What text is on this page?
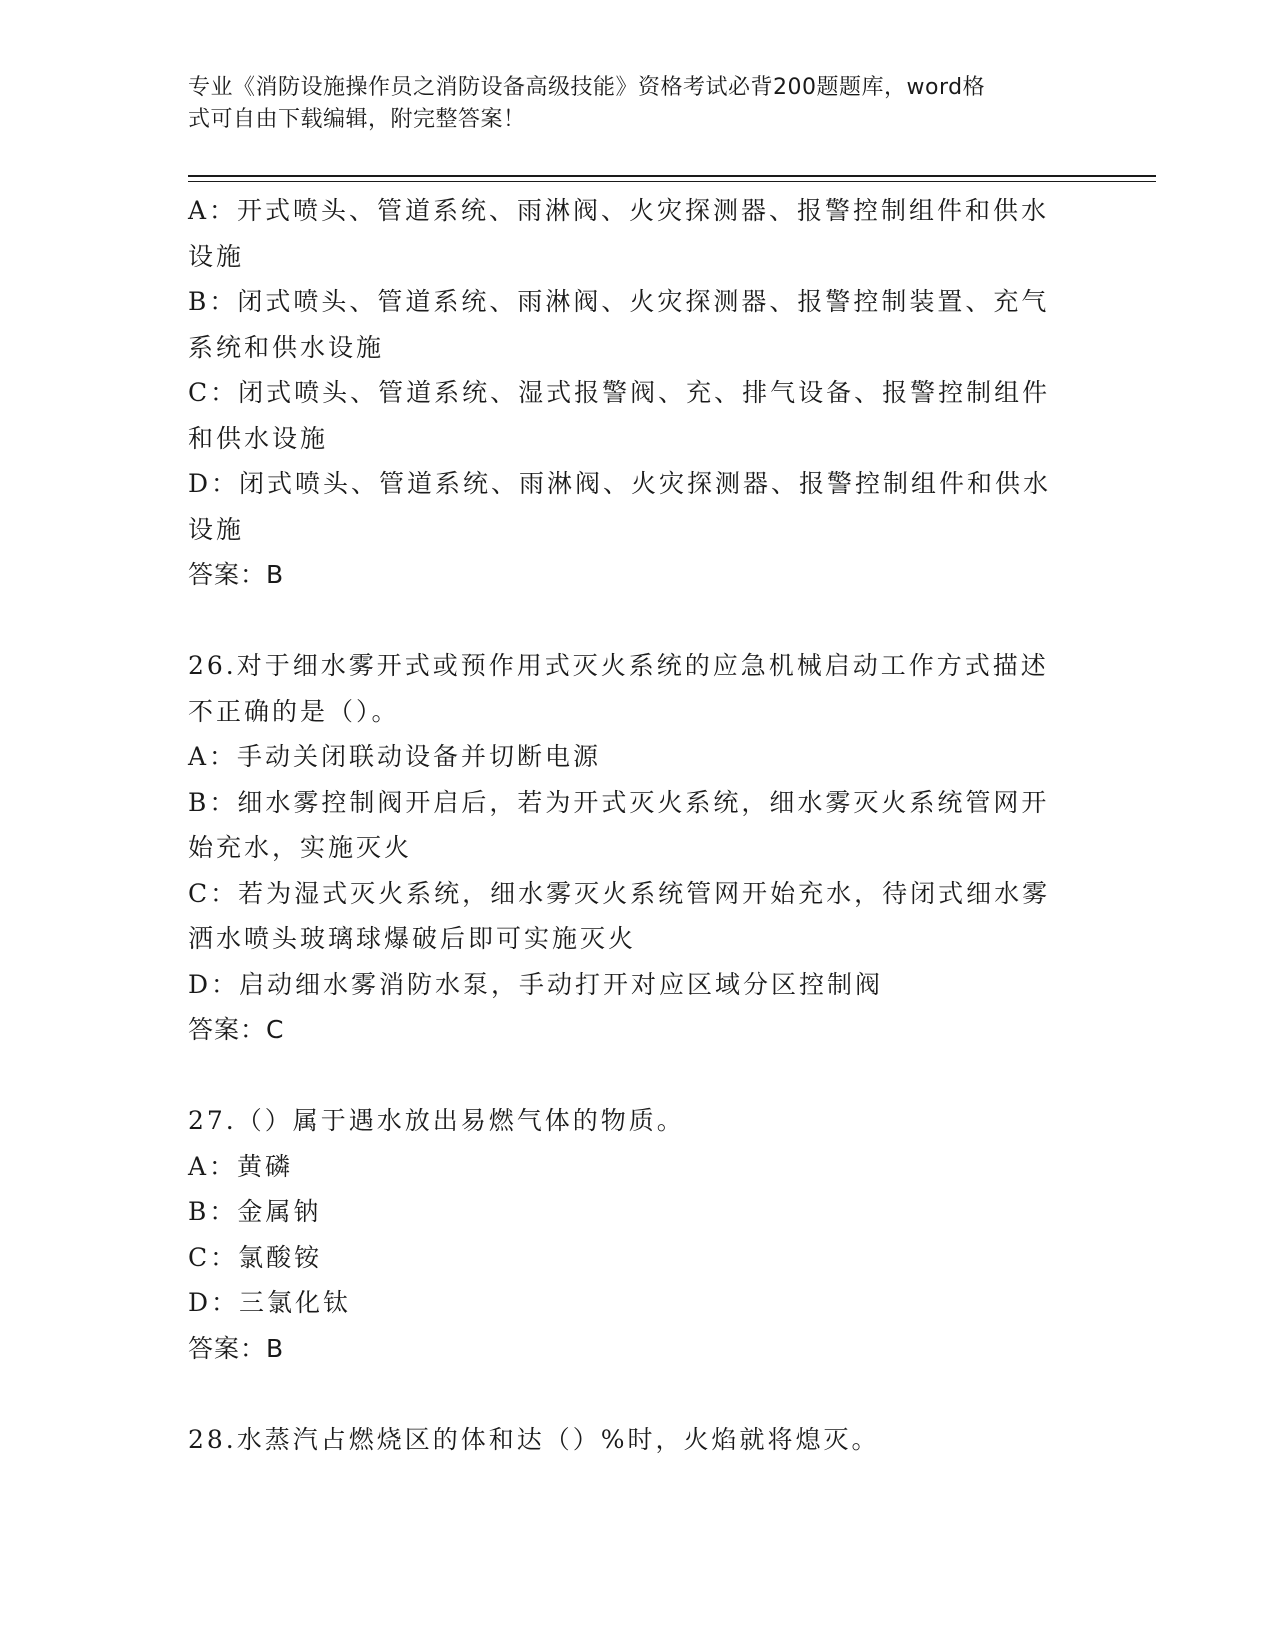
专业《消防设施操作员之消防设备高级技能》资格考试必背200题题库，word格
式可自由下载编辑，附完整答案！
A：开式喷头、管道系统、雨淋阀、火灾探测器、报警控制组件和供水
设施
B：闭式喷头、管道系统、雨淋阀、火灾探测器、报警控制装置、充气
系统和供水设施
C：闭式喷头、管道系统、湿式报警阀、充、排气设备、报警控制组件
和供水设施
D：闭式喷头、管道系统、雨淋阀、火灾探测器、报警控制组件和供水
设施
答案：B
26.对于细水雾开式或预作用式灭火系统的应急机械启动工作方式描述
不正确的是（）。
A：手动关闭联动设备并切断电源
B：细水雾控制阀开启后，若为开式灭火系统，细水雾灭火系统管网开
始充水，实施灭火
C：若为湿式灭火系统，细水雾灭火系统管网开始充水，待闭式细水雾
洒水喷头玻璃球爆破后即可实施灭火
D：启动细水雾消防水泵，手动打开对应区域分区控制阀
答案：C
27.（）属于遇水放出易燃气体的物质。
A：黄磷
B：金属钠
C：氯酸铵
D：三氯化钛
答案：B
28.水蒸汽占燃烧区的体和达（）%时，火焰就将熄灭。
